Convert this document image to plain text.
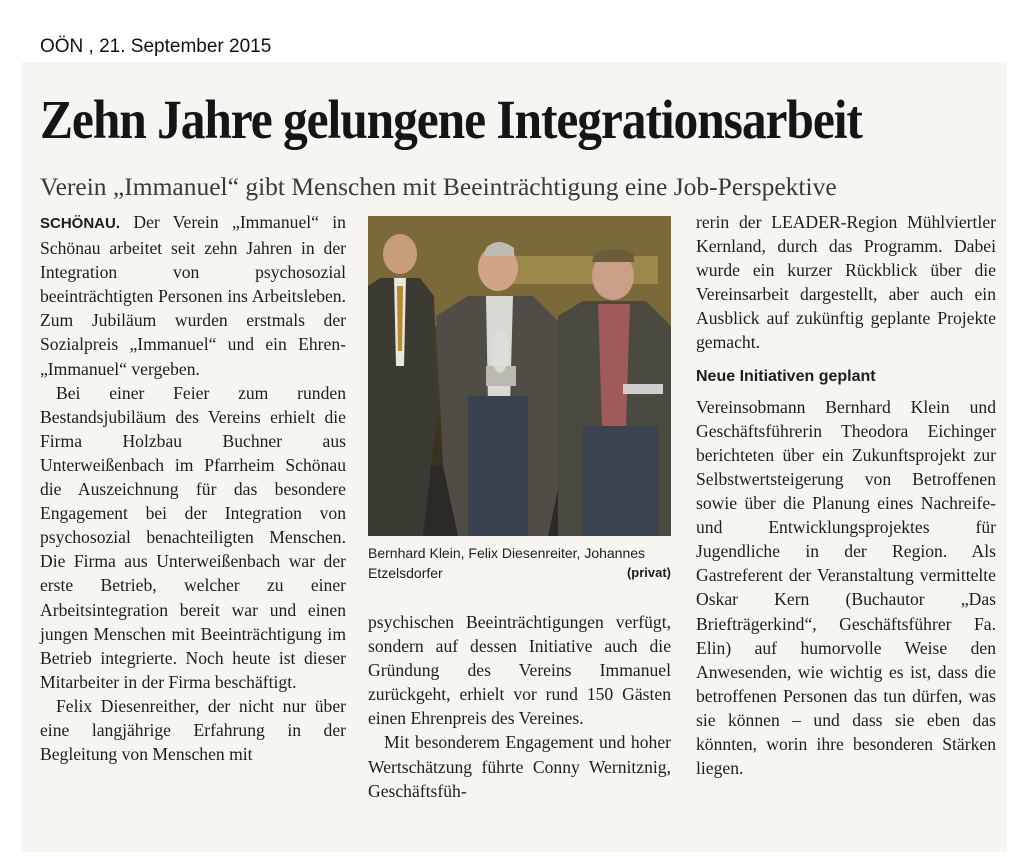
OÖN , 21. September 2015
Zehn Jahre gelungene Integrationsarbeit
Verein „Immanuel“ gibt Menschen mit Beeinträchtigung eine Job-Perspektive

SCHÖNAU. Der Verein „Immanuel“ in Schönau arbeitet seit zehn Jahren in der Integration von psychosozial beeinträchtigten Personen ins Arbeitsleben. Zum Jubiläum wurden erstmals der Sozialpreis „Immanuel“ und ein Ehren-„Immanuel“ vergeben.

Bei einer Feier zum runden Bestandsjubiläum des Vereins erhielt die Firma Holzbau Buchner aus Unterweißenbach im Pfarrheim Schönau die Auszeichnung für das besondere Engagement bei der Integration von psychosozial benachteiligten Menschen. Die Firma aus Unterweißenbach war der erste Betrieb, welcher zu einer Arbeitsintegration bereit war und einen jungen Menschen mit Beeinträchtigung im Betrieb integrierte. Noch heute ist dieser Mitarbeiter in der Firma beschäftigt.

Felix Diesenreither, der nicht nur über eine langjährige Erfahrung in der Begleitung von Menschen mit

Bernhard Klein, Felix Diesenreiter, Johannes Etzelsdorfer	(privat)

psychischen Beeinträchtigungen verfügt, sondern auf dessen Initiative auch die Gründung des Vereins Immanuel zurückgeht, erhielt vor rund 150 Gästen einen Ehrenpreis des Vereines.

Mit besonderem Engagement und hoher Wertschätzung führte Conny Wernitznig, Geschäftsfüh-

rerin der LEADER-Region Mühlviertler Kernland, durch das Programm. Dabei wurde ein kurzer Rückblick über die Vereinsarbeit dargestellt, aber auch ein Ausblick auf zukünftig geplante Projekte gemacht.

Neue Initiativen geplant

Vereinsobmann Bernhard Klein und Geschäftsführerin Theodora Eichinger berichteten über ein Zukunftsprojekt zur Selbstwertsteigerung von Betroffenen sowie über die Planung eines Nachreife- und Entwicklungsprojektes für Jugendliche in der Region. Als Gastreferent der Veranstaltung vermittelte Oskar Kern (Buchautor „Das Briefträgerkind“, Geschäftsführer Fa. Elin) auf humorvolle Weise den Anwesenden, wie wichtig es ist, dass die betroffenen Personen das tun dürfen, was sie können – und dass sie eben das könnten, worin ihre besonderen Stärken liegen.
